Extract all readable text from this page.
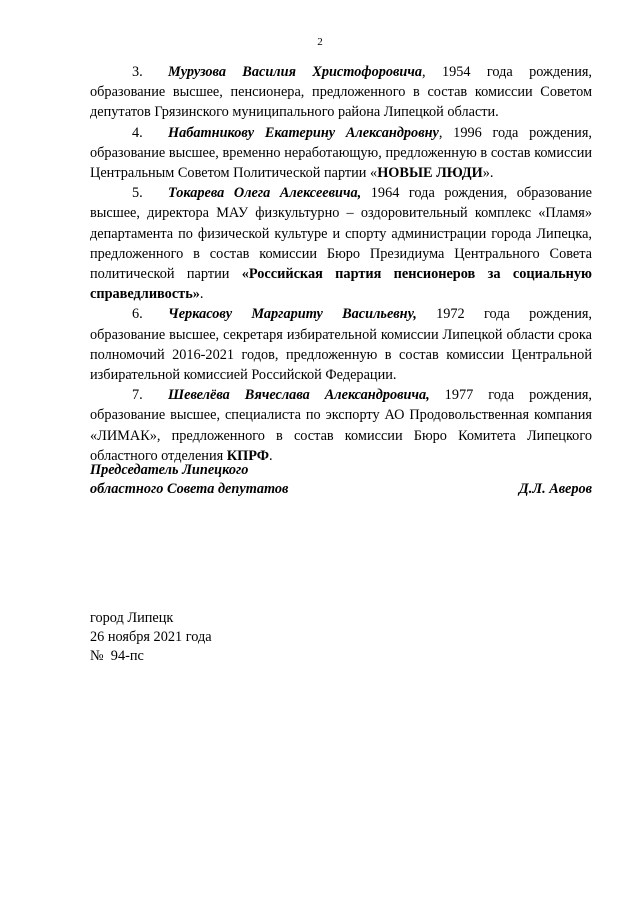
2

3. Мурузова Василия Христофоровича, 1954 года рождения, образование высшее, пенсионера, предложенного в состав комиссии Советом депутатов Грязинского муниципального района Липецкой области.

4. Набатникову Екатерину Александровну, 1996 года рождения, образование высшее, временно неработающую, предложенную в состав комиссии Центральным Советом Политической партии «НОВЫЕ ЛЮДИ».

5. Токарева Олега Алексеевича, 1964 года рождения, образование высшее, директора МАУ физкультурно – оздоровительный комплекс «Пламя» департамента по физической культуре и спорту администрации города Липецка, предложенного в состав комиссии Бюро Президиума Центрального Совета политической партии «Российская партия пенсионеров за социальную справедливость».

6. Черкасову Маргариту Васильевну, 1972 года рождения, образование высшее, секретаря избирательной комиссии Липецкой области срока полномочий 2016-2021 годов, предложенную в состав комиссии Центральной избирательной комиссией Российской Федерации.

7. Шевелёва Вячеслава Александровича, 1977 года рождения, образование высшее, специалиста по экспорту АО Продовольственная компания «ЛИМАК», предложенного в состав комиссии Бюро Комитета Липецкого областного отделения КПРФ.

Председатель Липецкого
областного Совета депутатов	Д.Л. Аверов
город Липецк
26 ноября 2021 года
№  94-пс
